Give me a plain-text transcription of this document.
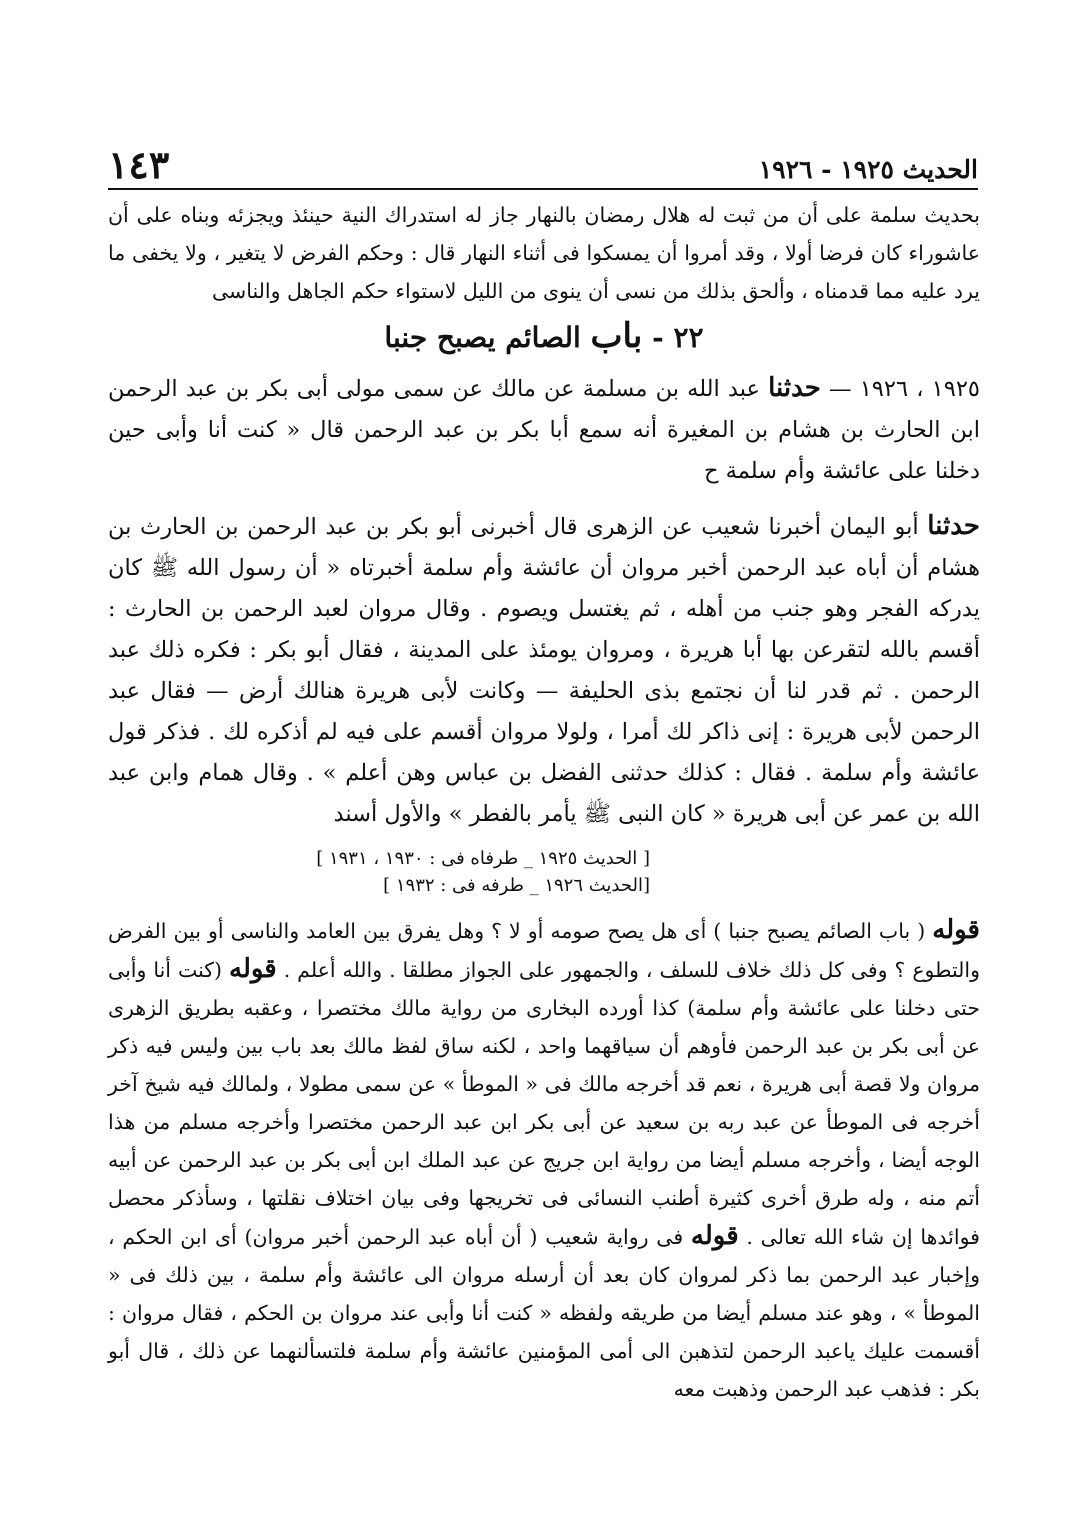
الحديث ١٩٢٥ - ١٩٢٦
١٤٣

بحديث سلمة على أن من ثبت له هلال رمضان بالنهار جاز له استدراك النية حينئذ ويجزئه وبناه على أن عاشوراء كان فرضا أولا ، وقد أمروا أن يمسكوا فى أثناء النهار قال : وحكم الفرض لا يتغير ، ولا يخفى ما يرد عليه مما قدمناه ، وألحق بذلك من نسى أن ينوى من الليل لاستواء حكم الجاهل والناسى

٢٢ - باب الصائم يصبح جنبا

١٩٢٥ ، ١٩٢٦ — حدثنا عبد الله بن مسلمة عن مالك عن سمى مولى أبى بكر بن عبد الرحمن ابن الحارث بن هشام بن المغيرة أنه سمع أبا بكر بن عبد الرحمن قال « كنت أنا وأبى حين دخلنا على عائشة وأم سلمة ح

حدثنا أبو اليمان أخبرنا شعيب عن الزهرى قال أخبرنى أبو بكر بن عبد الرحمن بن الحارث بن هشام أن أباه عبد الرحمن أخبر مروان أن عائشة وأم سلمة أخبرتاه « أن رسول الله ﷺ كان يدركه الفجر وهو جنب من أهله ، ثم يغتسل ويصوم . وقال مروان لعبد الرحمن بن الحارث : أقسم بالله لتقرعن بها أبا هريرة ، ومروان يومئذ على المدينة ، فقال أبو بكر : فكره ذلك عبد الرحمن . ثم قدر لنا أن نجتمع بذى الحليفة — وكانت لأبى هريرة هنالك أرض — فقال عبد الرحمن لأبى هريرة : إنى ذاكر لك أمرا ، ولولا مروان أقسم على فيه لم أذكره لك . فذكر قول عائشة وأم سلمة . فقال : كذلك حدثنى الفضل بن عباس وهن أعلم » . وقال همام وابن عبد الله بن عمر عن أبى هريرة « كان النبى ﷺ يأمر بالفطر » والأول أسند

[ الحديث ١٩٢٥ _ طرفاه فى : ١٩٣٠ ، ١٩٣١ ]
[الحديث ١٩٢٦ _ طرفه فى : ١٩٣٢ ]

قوله ( باب الصائم يصبح جنبا ) أى هل يصح صومه أو لا ؟ وهل يفرق بين العامد والناسى أو بين الفرض والتطوع ؟ وفى كل ذلك خلاف للسلف ، والجمهور على الجواز مطلقا . والله أعلم . قوله (كنت أنا وأبى حتى دخلنا على عائشة وأم سلمة) كذا أورده البخارى من رواية مالك مختصرا ، وعقبه بطريق الزهرى عن أبى بكر بن عبد الرحمن فأوهم أن سياقهما واحد ، لكنه ساق لفظ مالك بعد باب بين وليس فيه ذكر مروان ولا قصة أبى هريرة ، نعم قد أخرجه مالك فى « الموطأ » عن سمى مطولا ، ولمالك فيه شيخ آخر أخرجه فى الموطأ عن عبد ربه بن سعيد عن أبى بكر ابن عبد الرحمن مختصرا وأخرجه مسلم من هذا الوجه أيضا ، وأخرجه مسلم أيضا من رواية ابن جريج عن عبد الملك ابن أبى بكر بن عبد الرحمن عن أبيه أتم منه ، وله طرق أخرى كثيرة أطنب النسائى فى تخريجها وفى بيان اختلاف نقلتها ، وسأذكر محصل فوائدها إن شاء الله تعالى . قوله فى رواية شعيب ( أن أباه عبد الرحمن أخبر مروان) أى ابن الحكم ، وإخبار عبد الرحمن بما ذكر لمروان كان بعد أن أرسله مروان الى عائشة وأم سلمة ، بين ذلك فى « الموطأ » ، وهو عند مسلم أيضا من طريقه ولفظه « كنت أنا وأبى عند مروان بن الحكم ، فقال مروان : أقسمت عليك ياعبد الرحمن لتذهبن الى أمى المؤمنين عائشة وأم سلمة فلتسألنهما عن ذلك ، قال أبو بكر : فذهب عبد الرحمن وذهبت معه
